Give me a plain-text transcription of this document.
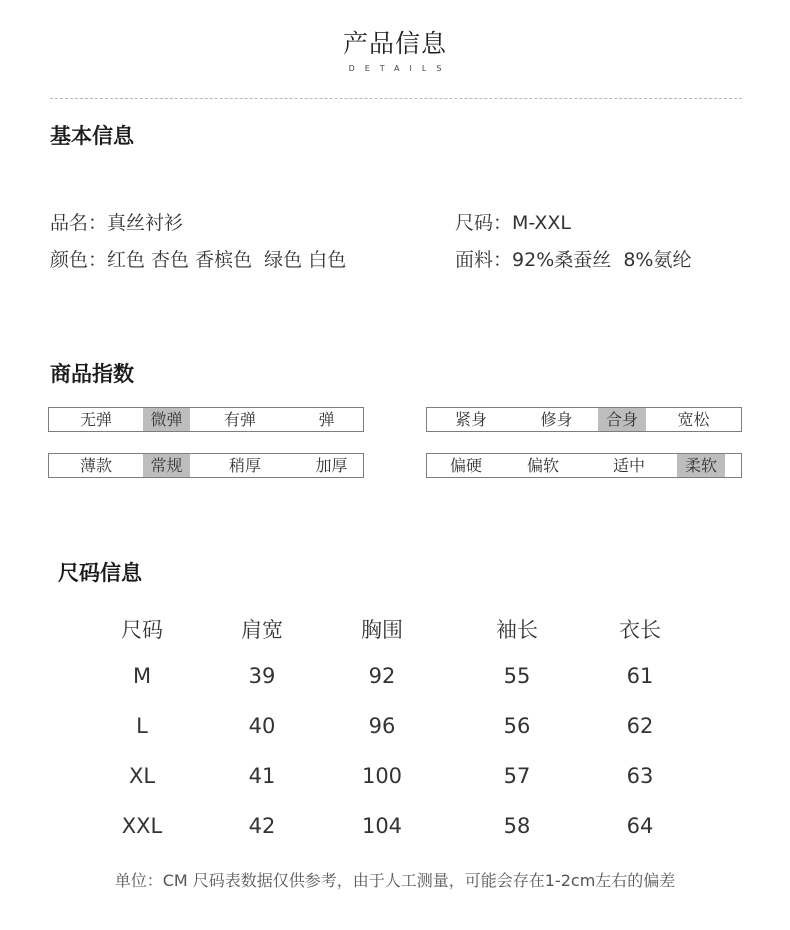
产品信息
DETAILS
基本信息
品名：真丝衬衫	尺码：M-XXL
颜色：红色 杏色 香槟色  绿色 白色	面料：92%桑蚕丝  8%氨纶
商品指数
无弹	微弹	有弹	弹	紧身	修身	合身	宽松
薄款	常规	稍厚	加厚	偏硬	偏软	适中	柔软
尺码信息
尺码	肩宽	胸围	袖长	衣长
M	39	92	55	61
L	40	96	56	62
XL	41	100	57	63
XXL	42	104	58	64
单位：CM 尺码表数据仅供参考，由于人工测量，可能会存在1-2cm左右的偏差
